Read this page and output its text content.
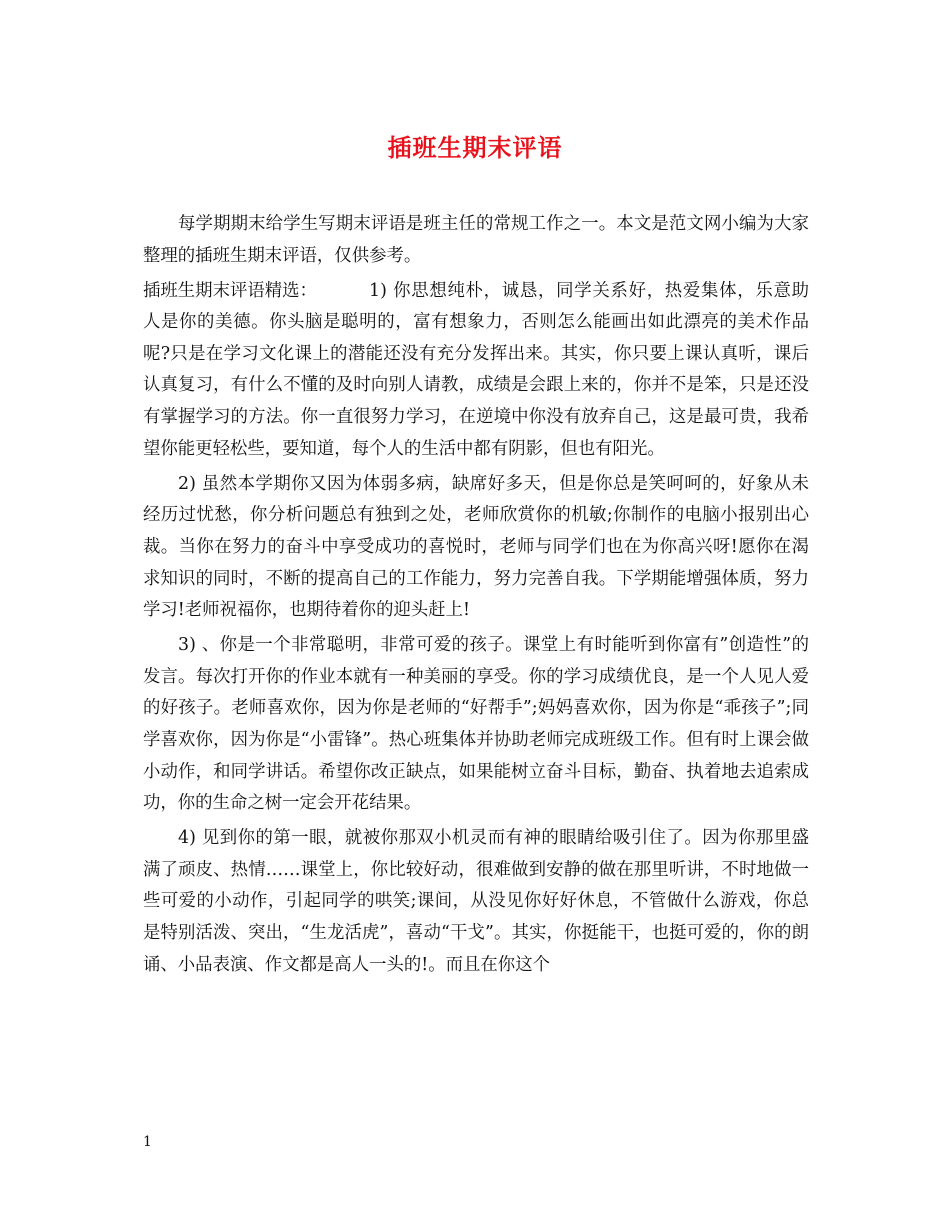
插班生期末评语

每学期期末给学生写期末评语是班主任的常规工作之一。本文是范文网小编为大家整理的插班生期末评语，仅供参考。

插班生期末评语精选：	1) 你思想纯朴，诚恳，同学关系好，热爱集体，乐意助人是你的美德。你头脑是聪明的，富有想象力，否则怎么能画出如此漂亮的美术作品呢?只是在学习文化课上的潜能还没有充分发挥出来。其实，你只要上课认真听，课后认真复习，有什么不懂的及时向别人请教，成绩是会跟上来的，你并不是笨，只是还没有掌握学习的方法。你一直很努力学习，在逆境中你没有放弃自己，这是最可贵，我希望你能更轻松些，要知道，每个人的生活中都有阴影，但也有阳光。

2) 虽然本学期你又因为体弱多病，缺席好多天，但是你总是笑呵呵的，好象从未经历过忧愁，你分析问题总有独到之处，老师欣赏你的机敏;你制作的电脑小报别出心裁。当你在努力的奋斗中享受成功的喜悦时，老师与同学们也在为你高兴呀!愿你在渴求知识的同时，不断的提高自己的工作能力，努力完善自我。下学期能增强体质，努力学习!老师祝福你，也期待着你的迎头赶上!

3) 、你是一个非常聪明，非常可爱的孩子。课堂上有时能听到你富有”创造性”的发言。每次打开你的作业本就有一种美丽的享受。你的学习成绩优良，是一个人见人爱的好孩子。老师喜欢你，因为你是老师的“好帮手”;妈妈喜欢你，因为你是“乖孩子”;同学喜欢你，因为你是“小雷锋”。热心班集体并协助老师完成班级工作。但有时上课会做小动作，和同学讲话。希望你改正缺点，如果能树立奋斗目标，勤奋、执着地去追索成功，你的生命之树一定会开花结果。

4) 见到你的第一眼，就被你那双小机灵而有神的眼睛给吸引住了。因为你那里盛满了顽皮、热情……课堂上，你比较好动，很难做到安静的做在那里听讲，不时地做一些可爱的小动作，引起同学的哄笑;课间，从没见你好好休息，不管做什么游戏，你总是特别活泼、突出，“生龙活虎”，喜动“干戈”。其实，你挺能干，也挺可爱的，你的朗诵、小品表演、作文都是高人一头的!。而且在你这个

1
